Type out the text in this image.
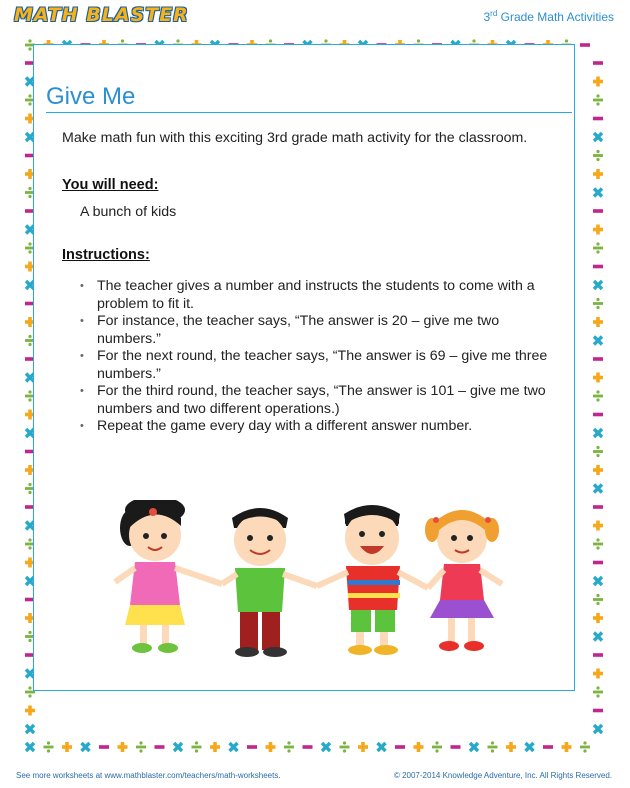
MATH BLASTER	3rd Grade Math Activities
Give Me
Make math fun with this exciting 3rd grade math activity for the classroom.
You will need:
A bunch of kids
Instructions:
• The teacher gives a number and instructs the students to come with a problem to fit it.
• For instance, the teacher says, “The answer is 20 – give me two numbers.”
• For the next round, the teacher says, “The answer is 69 – give me three numbers.”
• For the third round, the teacher says, “The answer is 101 – give me two numbers and two different operations.)
• Repeat the game every day with a different answer number.
See more worksheets at www.mathblaster.com/teachers/math-worksheets.	© 2007-2014 Knowledge Adventure, Inc. All Rights Reserved.
